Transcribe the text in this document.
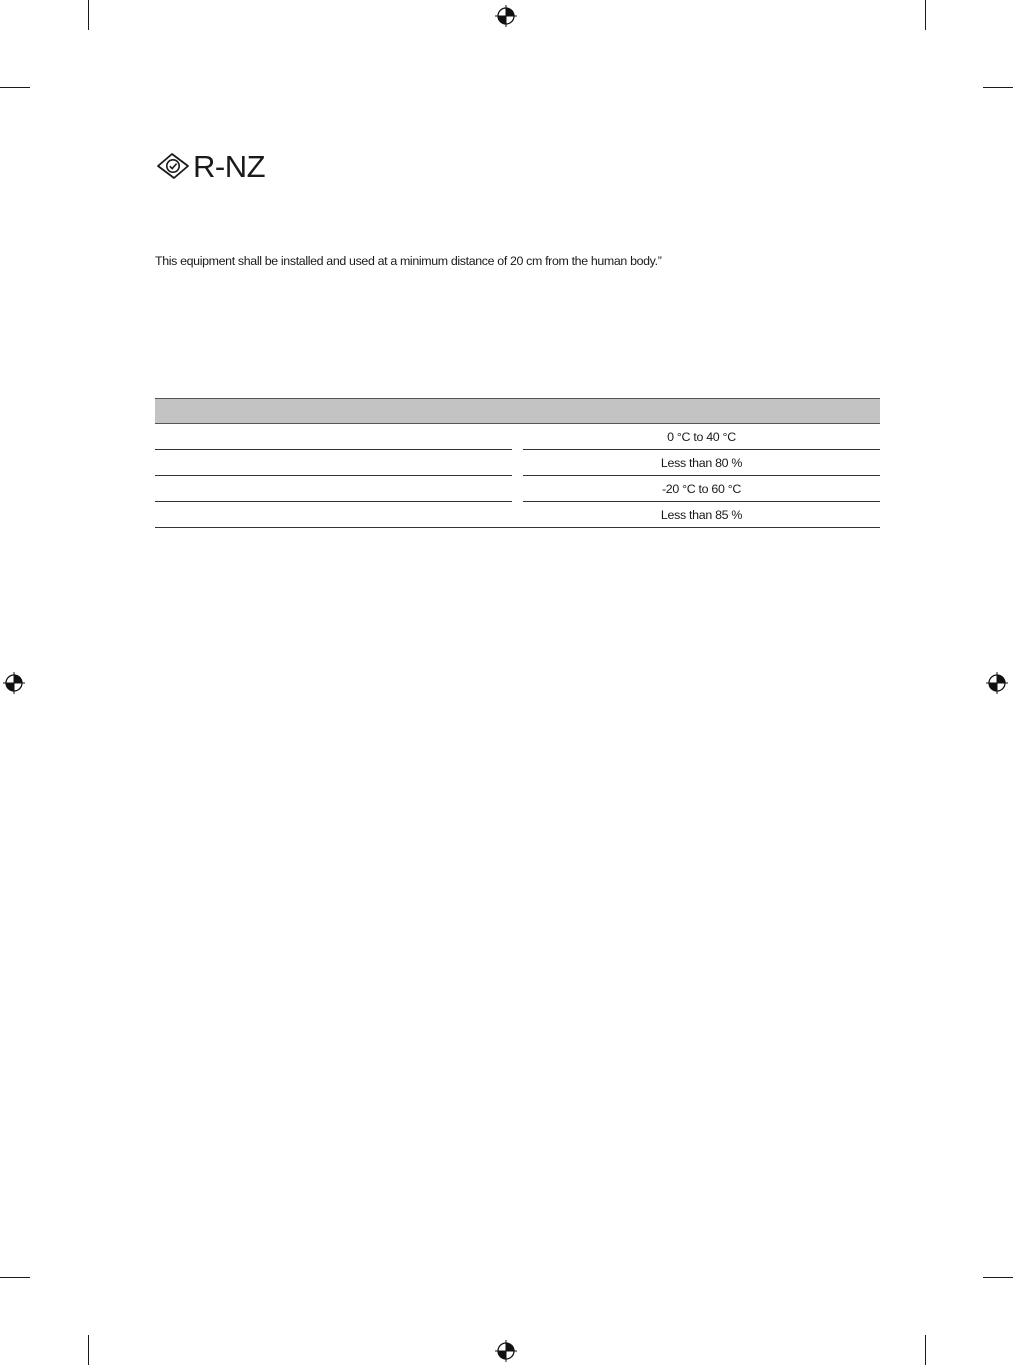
R-NZ
This equipment shall be installed and used at a minimum distance of 20 cm from the human body.”

		0 °C to 40 °C
		Less than 80 %
		-20 °C to 60 °C
		Less than 85 %
